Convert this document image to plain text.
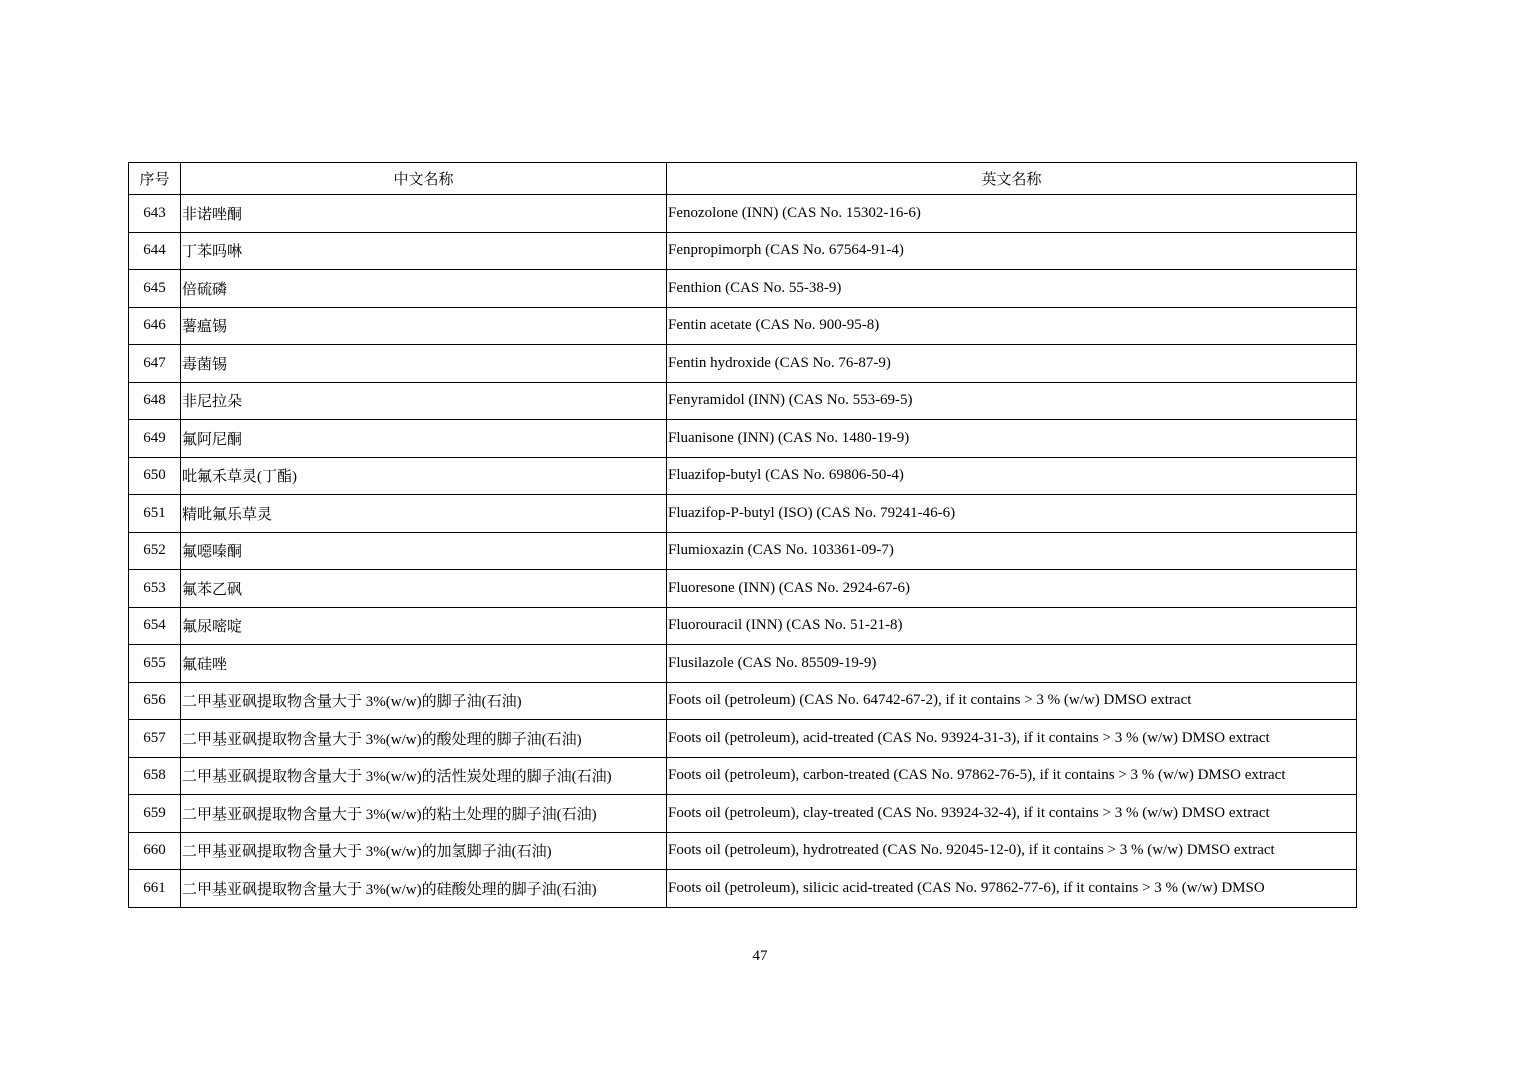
序号	中文名称	英文名称
643	非诺唑酮	Fenozolone (INN) (CAS No. 15302-16-6)
644	丁苯吗啉	Fenpropimorph (CAS No. 67564-91-4)
645	倍硫磷	Fenthion (CAS No. 55-38-9)
646	薯瘟锡	Fentin acetate (CAS No. 900-95-8)
647	毒菌锡	Fentin hydroxide (CAS No. 76-87-9)
648	非尼拉朵	Fenyramidol (INN) (CAS No. 553-69-5)
649	氟阿尼酮	Fluanisone (INN) (CAS No. 1480-19-9)
650	吡氟禾草灵(丁酯)	Fluazifop-butyl (CAS No. 69806-50-4)
651	精吡氟乐草灵	Fluazifop-P-butyl (ISO) (CAS No. 79241-46-6)
652	氟噁嗪酮	Flumioxazin (CAS No. 103361-09-7)
653	氟苯乙砜	Fluoresone (INN) (CAS No. 2924-67-6)
654	氟尿嘧啶	Fluorouracil (INN) (CAS No. 51-21-8)
655	氟硅唑	Flusilazole (CAS No. 85509-19-9)
656	二甲基亚砜提取物含量大于 3%(w/w)的脚子油(石油)	Foots oil (petroleum) (CAS No. 64742-67-2), if it contains > 3 % (w/w) DMSO extract
657	二甲基亚砜提取物含量大于 3%(w/w)的酸处理的脚子油(石油)	Foots oil (petroleum), acid-treated (CAS No. 93924-31-3), if it contains > 3 % (w/w) DMSO extract
658	二甲基亚砜提取物含量大于 3%(w/w)的活性炭处理的脚子油(石油)	Foots oil (petroleum), carbon-treated (CAS No. 97862-76-5), if it contains > 3 % (w/w) DMSO extract
659	二甲基亚砜提取物含量大于 3%(w/w)的粘土处理的脚子油(石油)	Foots oil (petroleum), clay-treated (CAS No. 93924-32-4), if it contains > 3 % (w/w) DMSO extract
660	二甲基亚砜提取物含量大于 3%(w/w)的加氢脚子油(石油)	Foots oil (petroleum), hydrotreated (CAS No. 92045-12-0), if it contains > 3 % (w/w) DMSO extract
661	二甲基亚砜提取物含量大于 3%(w/w)的硅酸处理的脚子油(石油)	Foots oil (petroleum), silicic acid-treated (CAS No. 97862-77-6), if it contains > 3 % (w/w) DMSO
47
